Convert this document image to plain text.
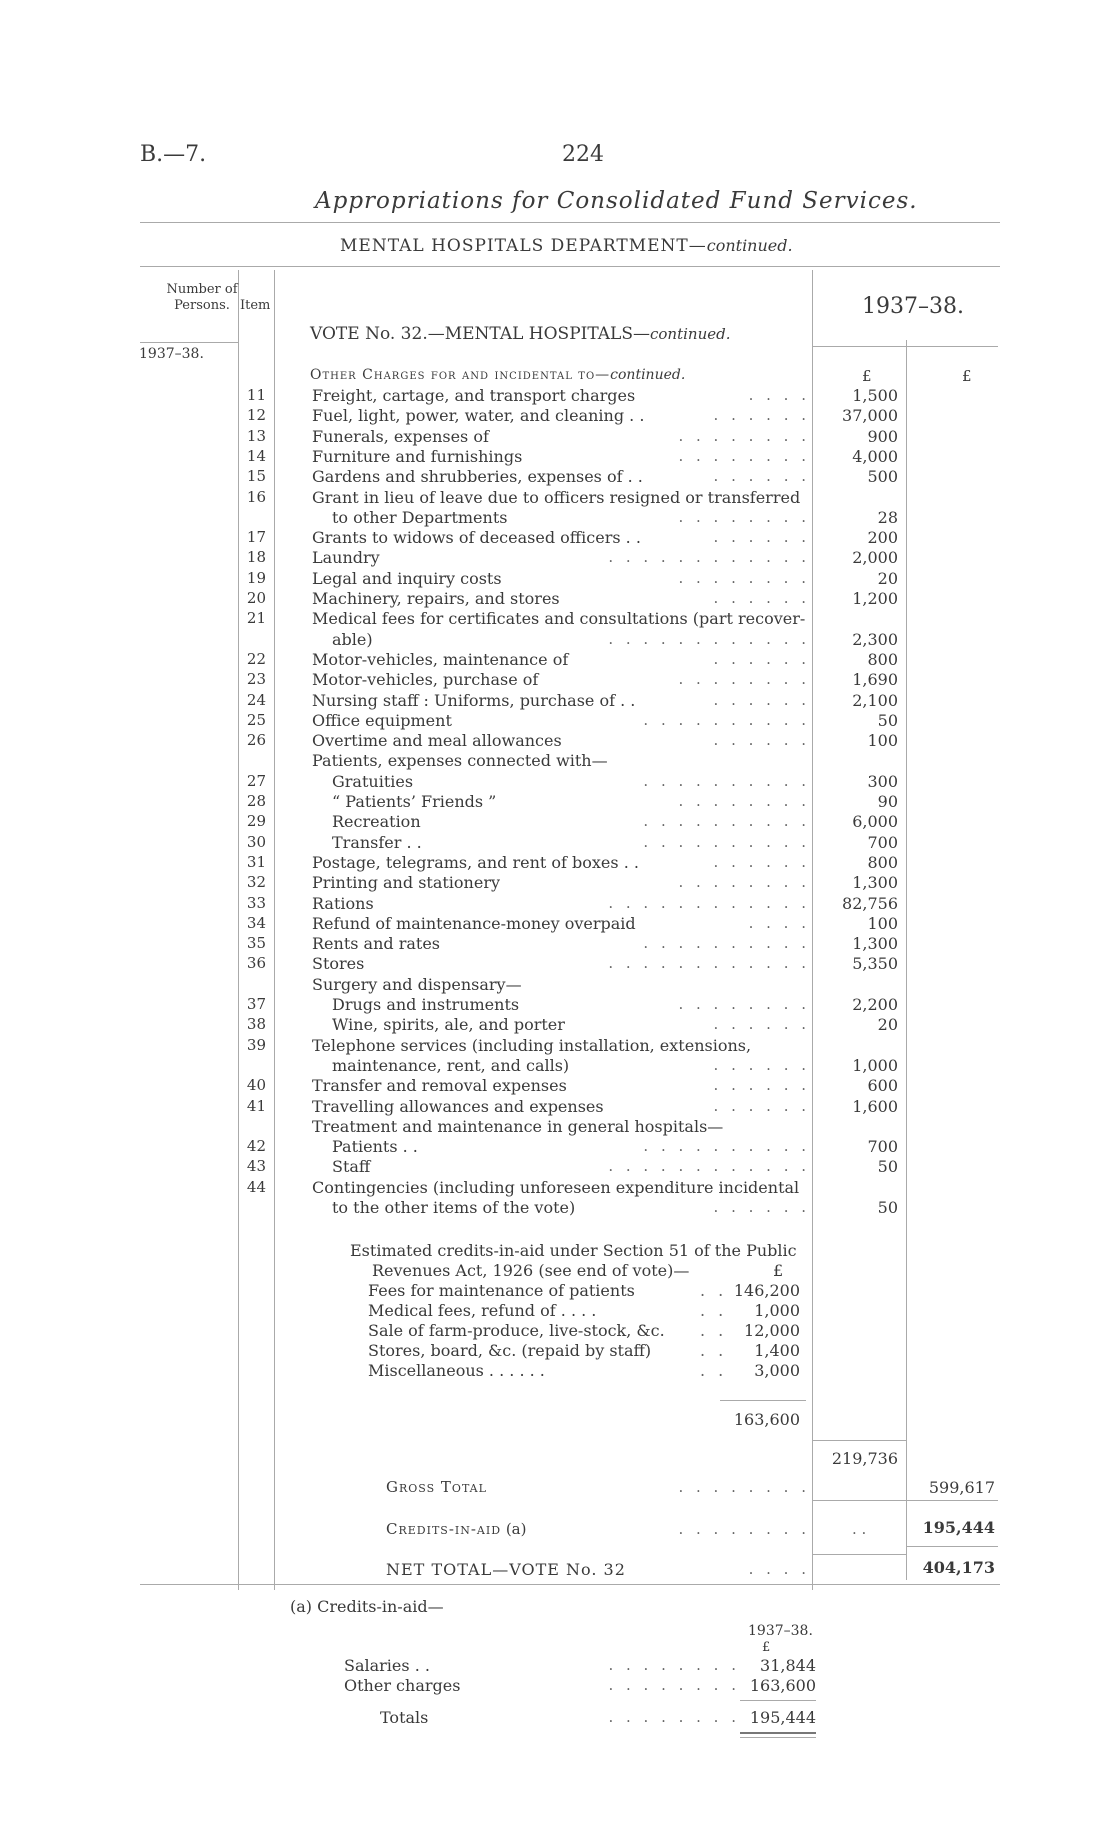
B.—7.	224
Appropriations for Consolidated Fund Services.
MENTAL HOSPITALS DEPARTMENT—continued.
Number of Persons. Item	1937–38.
1937–38.
VOTE No. 32.—MENTAL HOSPITALS—continued.
Other Charges for and incidental to—continued.	£	£
11	Freight, cartage, and transport charges	. . . .	1,500
12	Fuel, light, power, water, and cleaning . .	. . . . . .	37,000
13	Funerals, expenses of	. . . . . . . .	900
14	Furniture and furnishings	. . . . . . . .	4,000
15	Gardens and shrubberies, expenses of . .	. . . . . .	500
16	Grant in lieu of leave due to officers resigned or transferred
to other Departments	. . . . . . . .	28
17	Grants to widows of deceased officers . .	. . . . . .	200
18	Laundry	. . . . . . . . . . . .	2,000
19	Legal and inquiry costs	. . . . . . . .	20
20	Machinery, repairs, and stores	. . . . . .	1,200
21	Medical fees for certificates and consultations (part recover-
able)	. . . . . . . . . . . .	2,300
22	Motor-vehicles, maintenance of	. . . . . .	800
23	Motor-vehicles, purchase of	. . . . . . . .	1,690
24	Nursing staff : Uniforms, purchase of . .	. . . . . .	2,100
25	Office equipment	. . . . . . . . . .	50
26	Overtime and meal allowances	. . . . . .	100
Patients, expenses connected with—
27	Gratuities	. . . . . . . . . .	300
28	“ Patients’ Friends ”	. . . . . . . .	90
29	Recreation	. . . . . . . . . .	6,000
30	Transfer . .	. . . . . . . . . .	700
31	Postage, telegrams, and rent of boxes . .	. . . . . .	800
32	Printing and stationery	. . . . . . . .	1,300
33	Rations	. . . . . . . . . . . .	82,756
34	Refund of maintenance-money overpaid	. . . .	100
35	Rents and rates	. . . . . . . . . .	1,300
36	Stores	. . . . . . . . . . . .	5,350
Surgery and dispensary—
37	Drugs and instruments	. . . . . . . .	2,200
38	Wine, spirits, ale, and porter	. . . . . .	20
39	Telephone services (including installation, extensions,
maintenance, rent, and calls)	. . . . . .	1,000
40	Transfer and removal expenses	. . . . . .	600
41	Travelling allowances and expenses	. . . . . .	1,600
Treatment and maintenance in general hospitals—
42	Patients . .	. . . . . . . . . .	700
43	Staff	. . . . . . . . . . . .	50
44	Contingencies (including unforeseen expenditure incidental
to the other items of the vote)	. . . . . .	50
Estimated credits-in-aid under Section 51 of the Public
Revenues Act, 1926 (see end of vote)—	£
Fees for maintenance of patients	. . 146,200
Medical fees, refund of . . . .	. .	1,000
Sale of farm-produce, live-stock, &c. . .	12,000
Stores, board, &c. (repaid by staff)	. .	1,400
Miscellaneous . . . . . .	. .	3,000
163,600
219,736
Gross Total	. . . . . . . .	599,617
Credits-in-aid (a)	. . . . . . . .	. .	195,444
NET TOTAL—VOTE No. 32	. . . .	404,173
(a) Credits-in-aid—
1937–38.
£
Salaries . .	. . . . . . . .	31,844
Other charges	. . . . . . . . 163,600
Totals	. . . . . . . . 195,444
